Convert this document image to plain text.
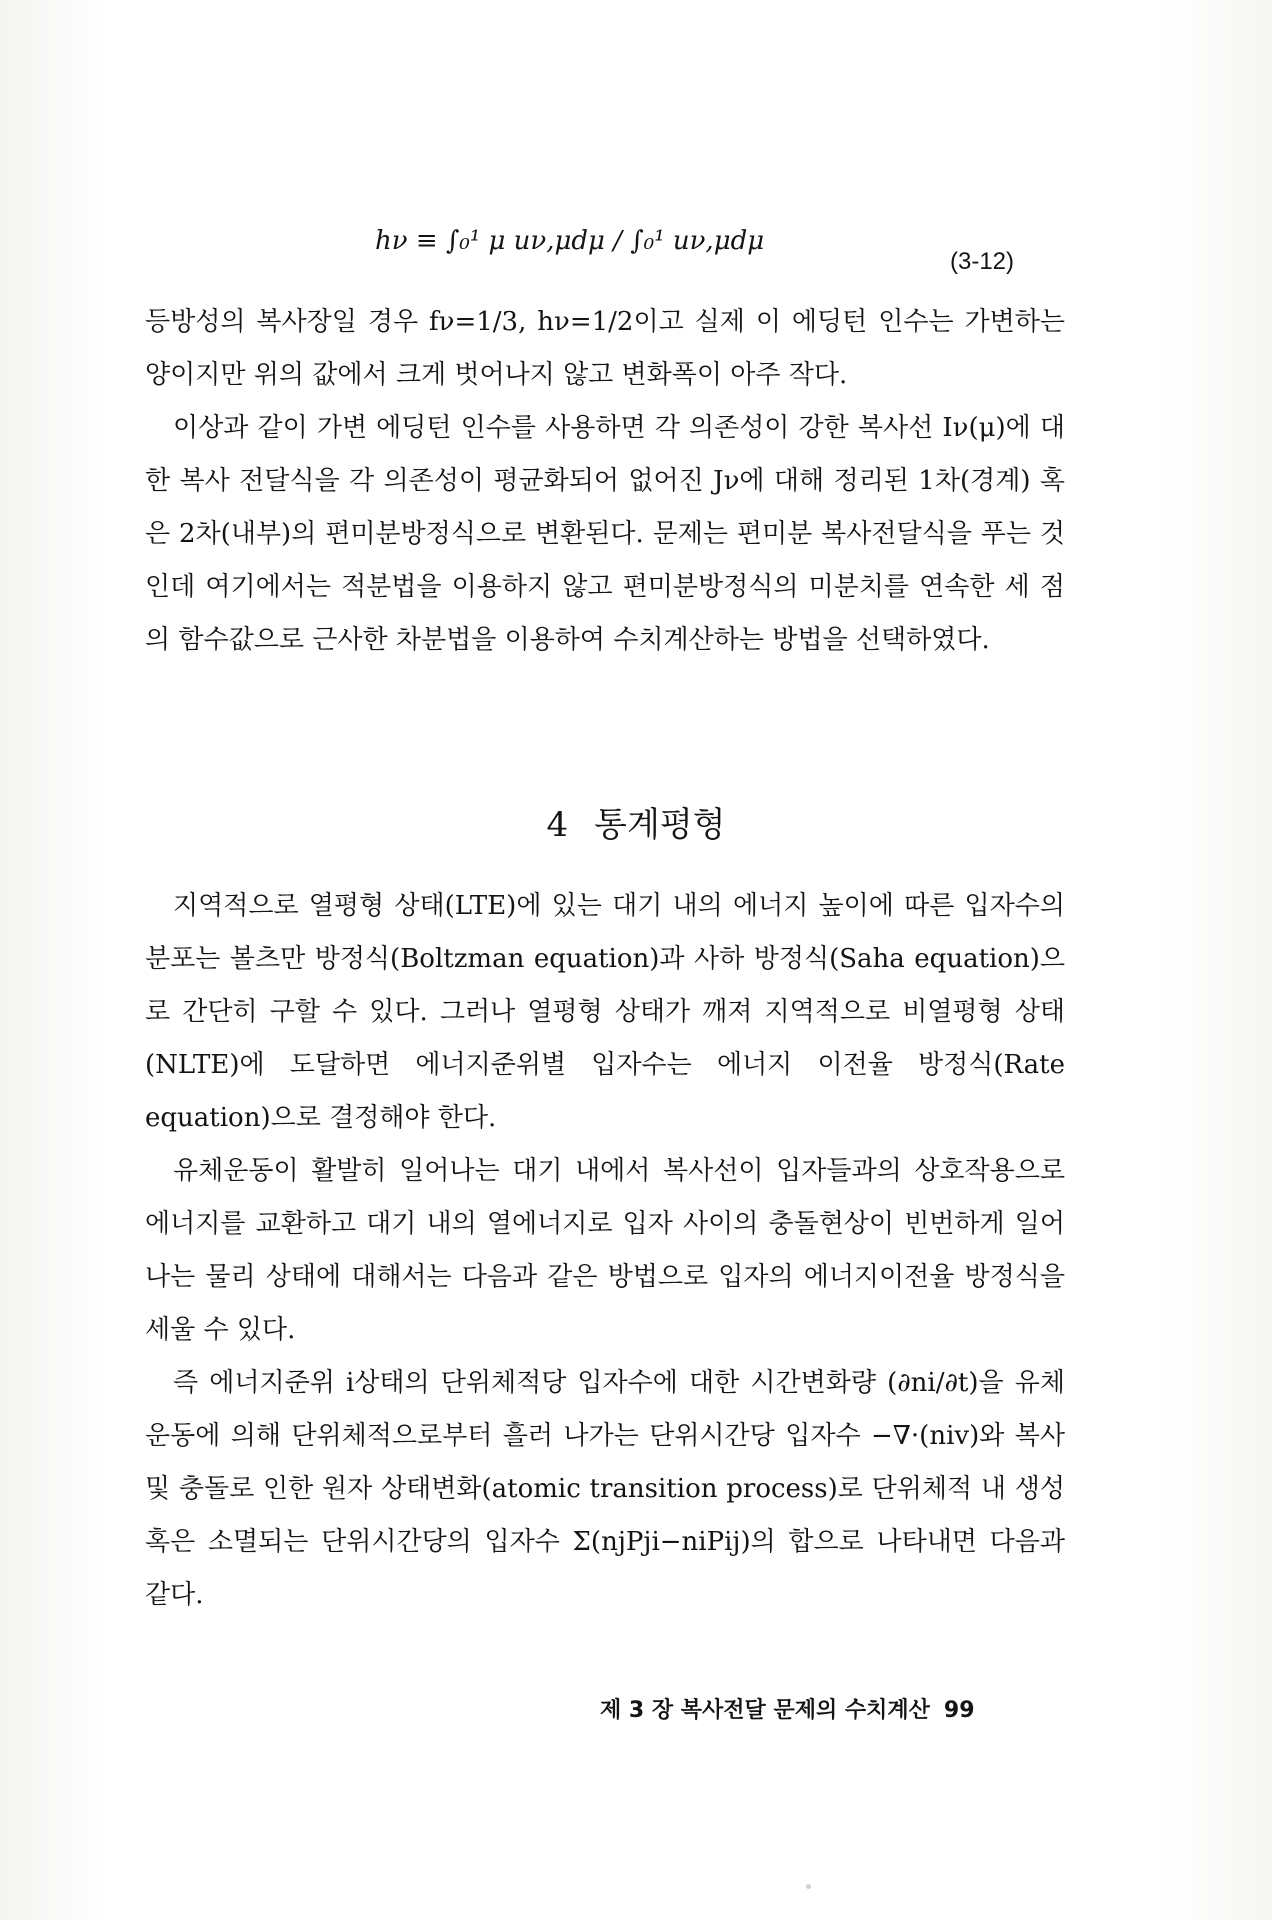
hν ≡ ∫₀¹ μ uν,μdμ / ∫₀¹ uν,μdμ
(3-12)

등방성의 복사장일 경우 fν=1/3, hν=1/2이고 실제 이 에딩턴 인수는 가변하는 양이지만 위의 값에서 크게 벗어나지 않고 변화폭이 아주 작다.

이상과 같이 가변 에딩턴 인수를 사용하면 각 의존성이 강한 복사선 Iν(μ)에 대한 복사 전달식을 각 의존성이 평균화되어 없어진 Jν에 대해 정리된 1차(경계) 혹은 2차(내부)의 편미분방정식으로 변환된다. 문제는 편미분 복사전달식을 푸는 것인데 여기에서는 적분법을 이용하지 않고 편미분방정식의 미분치를 연속한 세 점의 함수값으로 근사한 차분법을 이용하여 수치계산하는 방법을 선택하였다.

4 통계평형

지역적으로 열평형 상태(LTE)에 있는 대기 내의 에너지 높이에 따른 입자수의 분포는 볼츠만 방정식(Boltzman equation)과 사하 방정식(Saha equation)으로 간단히 구할 수 있다. 그러나 열평형 상태가 깨져 지역적으로 비열평형 상태(NLTE)에 도달하면 에너지준위별 입자수는 에너지 이전율 방정식(Rate equation)으로 결정해야 한다.

유체운동이 활발히 일어나는 대기 내에서 복사선이 입자들과의 상호작용으로 에너지를 교환하고 대기 내의 열에너지로 입자 사이의 충돌현상이 빈번하게 일어나는 물리 상태에 대해서는 다음과 같은 방법으로 입자의 에너지이전율 방정식을 세울 수 있다.

즉 에너지준위 i상태의 단위체적당 입자수에 대한 시간변화량 (∂ni/∂t)을 유체운동에 의해 단위체적으로부터 흘러 나가는 단위시간당 입자수 −∇·(niv)와 복사 및 충돌로 인한 원자 상태변화(atomic transition process)로 단위체적 내 생성 혹은 소멸되는 단위시간당의 입자수 Σ(njPji−niPij)의 합으로 나타내면 다음과 같다.

제 3 장 복사전달 문제의 수치계산 99
